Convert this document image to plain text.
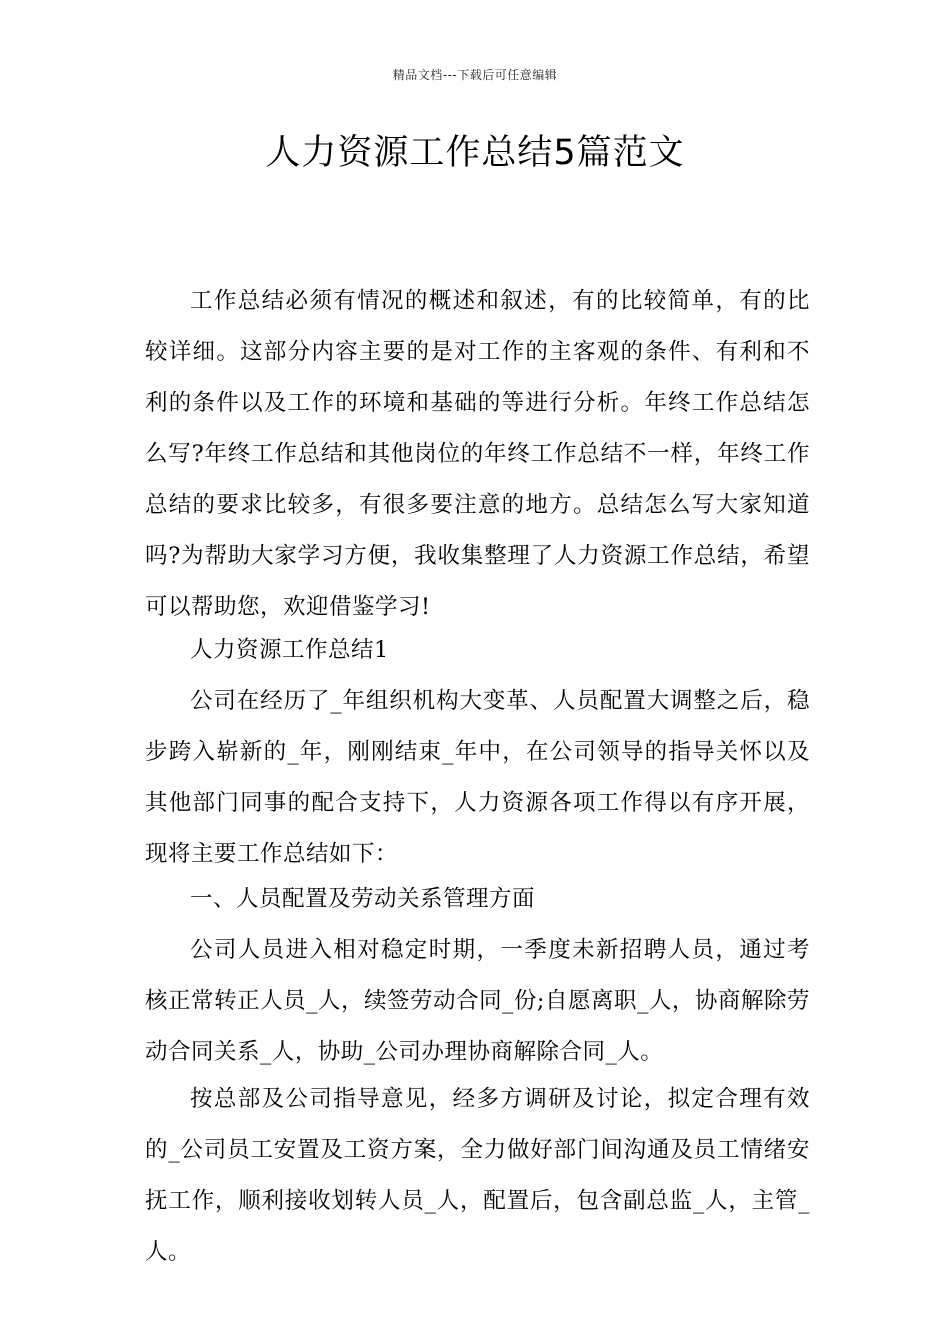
精品文档---下载后可任意编辑
人力资源工作总结5篇范文

工作总结必须有情况的概述和叙述，有的比较简单，有的比较详细。这部分内容主要的是对工作的主客观的条件、有利和不利的条件以及工作的环境和基础的等进行分析。年终工作总结怎么写?年终工作总结和其他岗位的年终工作总结不一样，年终工作总结的要求比较多，有很多要注意的地方。总结怎么写大家知道吗?为帮助大家学习方便，我收集整理了人力资源工作总结，希望可以帮助您，欢迎借鉴学习!

人力资源工作总结1

公司在经历了_年组织机构大变革、人员配置大调整之后，稳步跨入崭新的_年，刚刚结束_年中，在公司领导的指导关怀以及其他部门同事的配合支持下，人力资源各项工作得以有序开展，现将主要工作总结如下：

一、人员配置及劳动关系管理方面

公司人员进入相对稳定时期，一季度未新招聘人员，通过考核正常转正人员_人，续签劳动合同_份;自愿离职_人，协商解除劳动合同关系_人，协助_公司办理协商解除合同_人。

按总部及公司指导意见，经多方调研及讨论，拟定合理有效的_公司员工安置及工资方案，全力做好部门间沟通及员工情绪安抚工作，顺利接收划转人员_人，配置后，包含副总监_人，主管_人。
